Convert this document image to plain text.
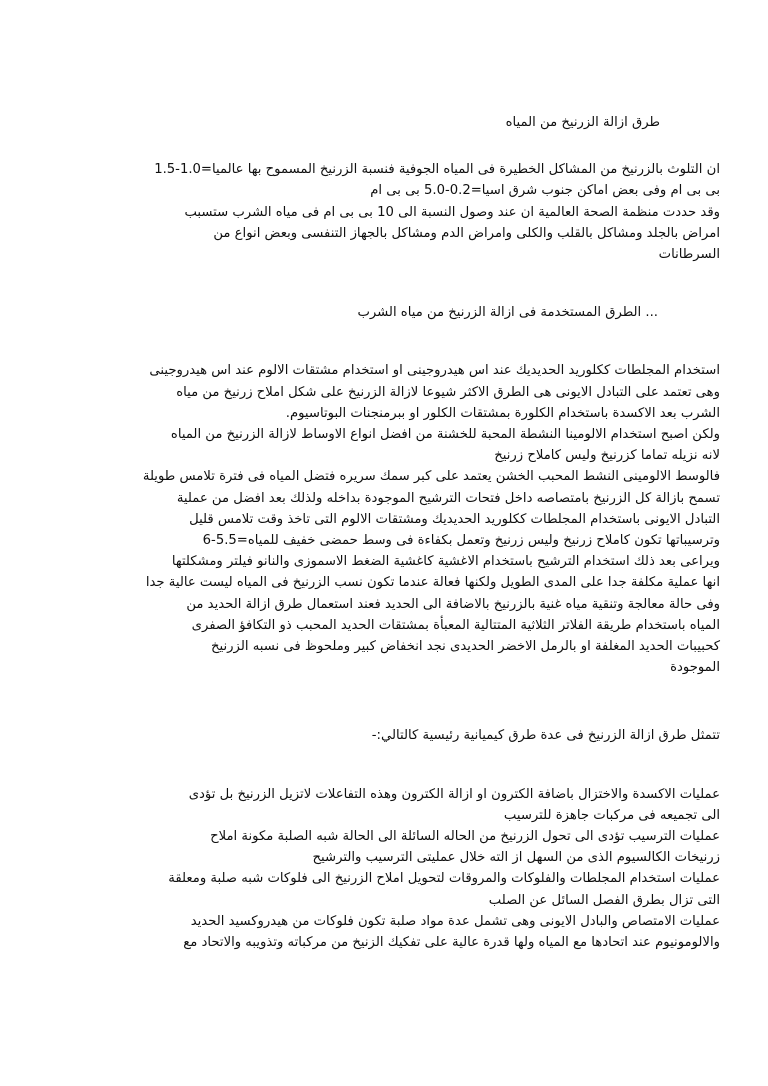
طرق ازالة الزرنيخ من المياه
ان التلوث بالزرنيخ من المشاكل الخطيرة فى المياه الجوفية فنسبة الزرنيخ المسموح بها عالميا=1.0-1.5
بى بى ام وفى بعض اماكن جنوب شرق اسيا=0.2-5.0 بى بى ام
وقد حددت منظمة الصحة العالمية ان عند وصول النسبة الى 10 بى بى ام فى مياه الشرب ستسبب
امراض بالجلد ومشاكل بالقلب والكلى وامراض الدم ومشاكل بالجهاز التنفسى وبعض انواع من
السرطانات
... الطرق المستخدمة فى ازالة الزرنيخ من مياه الشرب
استخدام المجلطات ككلوريد الحديديك عند اس هيدروجينى او استخدام مشتقات الالوم عند اس هيدروجينى
وهى تعتمد على التبادل الايونى هى الطرق الاكثر شيوعا لازالة الزرنيخ على شكل املاح زرنيخ من مياه
الشرب بعد الاكسدة باستخدام الكلورة بمشتقات الكلور او ببرمنجنات البوتاسيوم.
ولكن اصبح استخدام الالومينا النشطة المحبة للخشنة من افضل انواع الاوساط لازالة الزرنيخ من المياه
لانه نزيله تماما كزرنيخ وليس كاملاح زرنيخ
فالوسط الالومينى النشط المحبب الخشن يعتمد على كبر سمك سريره فتضل المياه فى فترة تلامس طويلة
تسمح بازالة كل الزرنيخ بامتصاصه داخل فتحات الترشيح الموجودة بداخله ولذلك بعد افضل من عملية
التبادل الايونى باستخدام المجلطات ككلوريد الحديديك ومشتقات الالوم التى تاخذ وقت تلامس قليل
وترسيباتها تكون كاملاح زرنيخ وليس زرنيخ وتعمل بكفاءة فى وسط حمضى خفيف للمياه=5.5-6
ويراعى بعد ذلك استخدام الترشيح باستخدام الاغشية كاغشية الضغط الاسموزى والنانو فيلتر ومشكلتها
انها عملية مكلفة جدا على المدى الطويل ولكنها فعالة عندما تكون نسب الزرنيخ فى المياه ليست عالية جدا
وفى حالة معالجة وتنقية مياه غنية بالزرنيخ بالاضافة الى الحديد فعند استعمال طرق ازالة الحديد من
المياه باستخدام طريقة الفلاتر الثلاثية المتتالية المعبأة بمشتقات الحديد المحبب ذو التكافؤ الصفرى
كحبيبات الحديد المغلفة او بالرمل الاخضر الحديدى نجد انخفاض كبير وملحوظ فى نسبه الزرنيخ
الموجودة
تتمثل طرق ازالة الزرنيخ فى عدة طرق كيميانية رئيسية كالتالي:-
عمليات الاكسدة والاختزال باضافة الكترون او ازالة الكترون وهذه التفاعلات لاتزيل الزرنيخ بل تؤدى
الى تجميعه فى مركبات جاهزة للترسيب
عمليات الترسيب تؤدى الى تحول الزرنيخ من الحاله السائلة الى الحالة شبه الصلبة مكونة املاح
زرنيخات الكالسيوم الذى من السهل از الته خلال عمليتى الترسيب والترشيح
عمليات استخدام المجلطات والفلوكات والمروقات لتحويل املاح الزرنيخ الى فلوكات شبه صلبة ومعلقة
التى تزال بطرق الفصل السائل عن الصلب
عمليات الامتصاص والبادل الايونى وهى تشمل عدة مواد صلبة تكون فلوكات من هيدروكسيد الحديد
والالومونيوم عند اتحادها مع المياه ولها قدرة عالية على تفكيك الزنيخ من مركباته وتذويبه والاتحاد مع
